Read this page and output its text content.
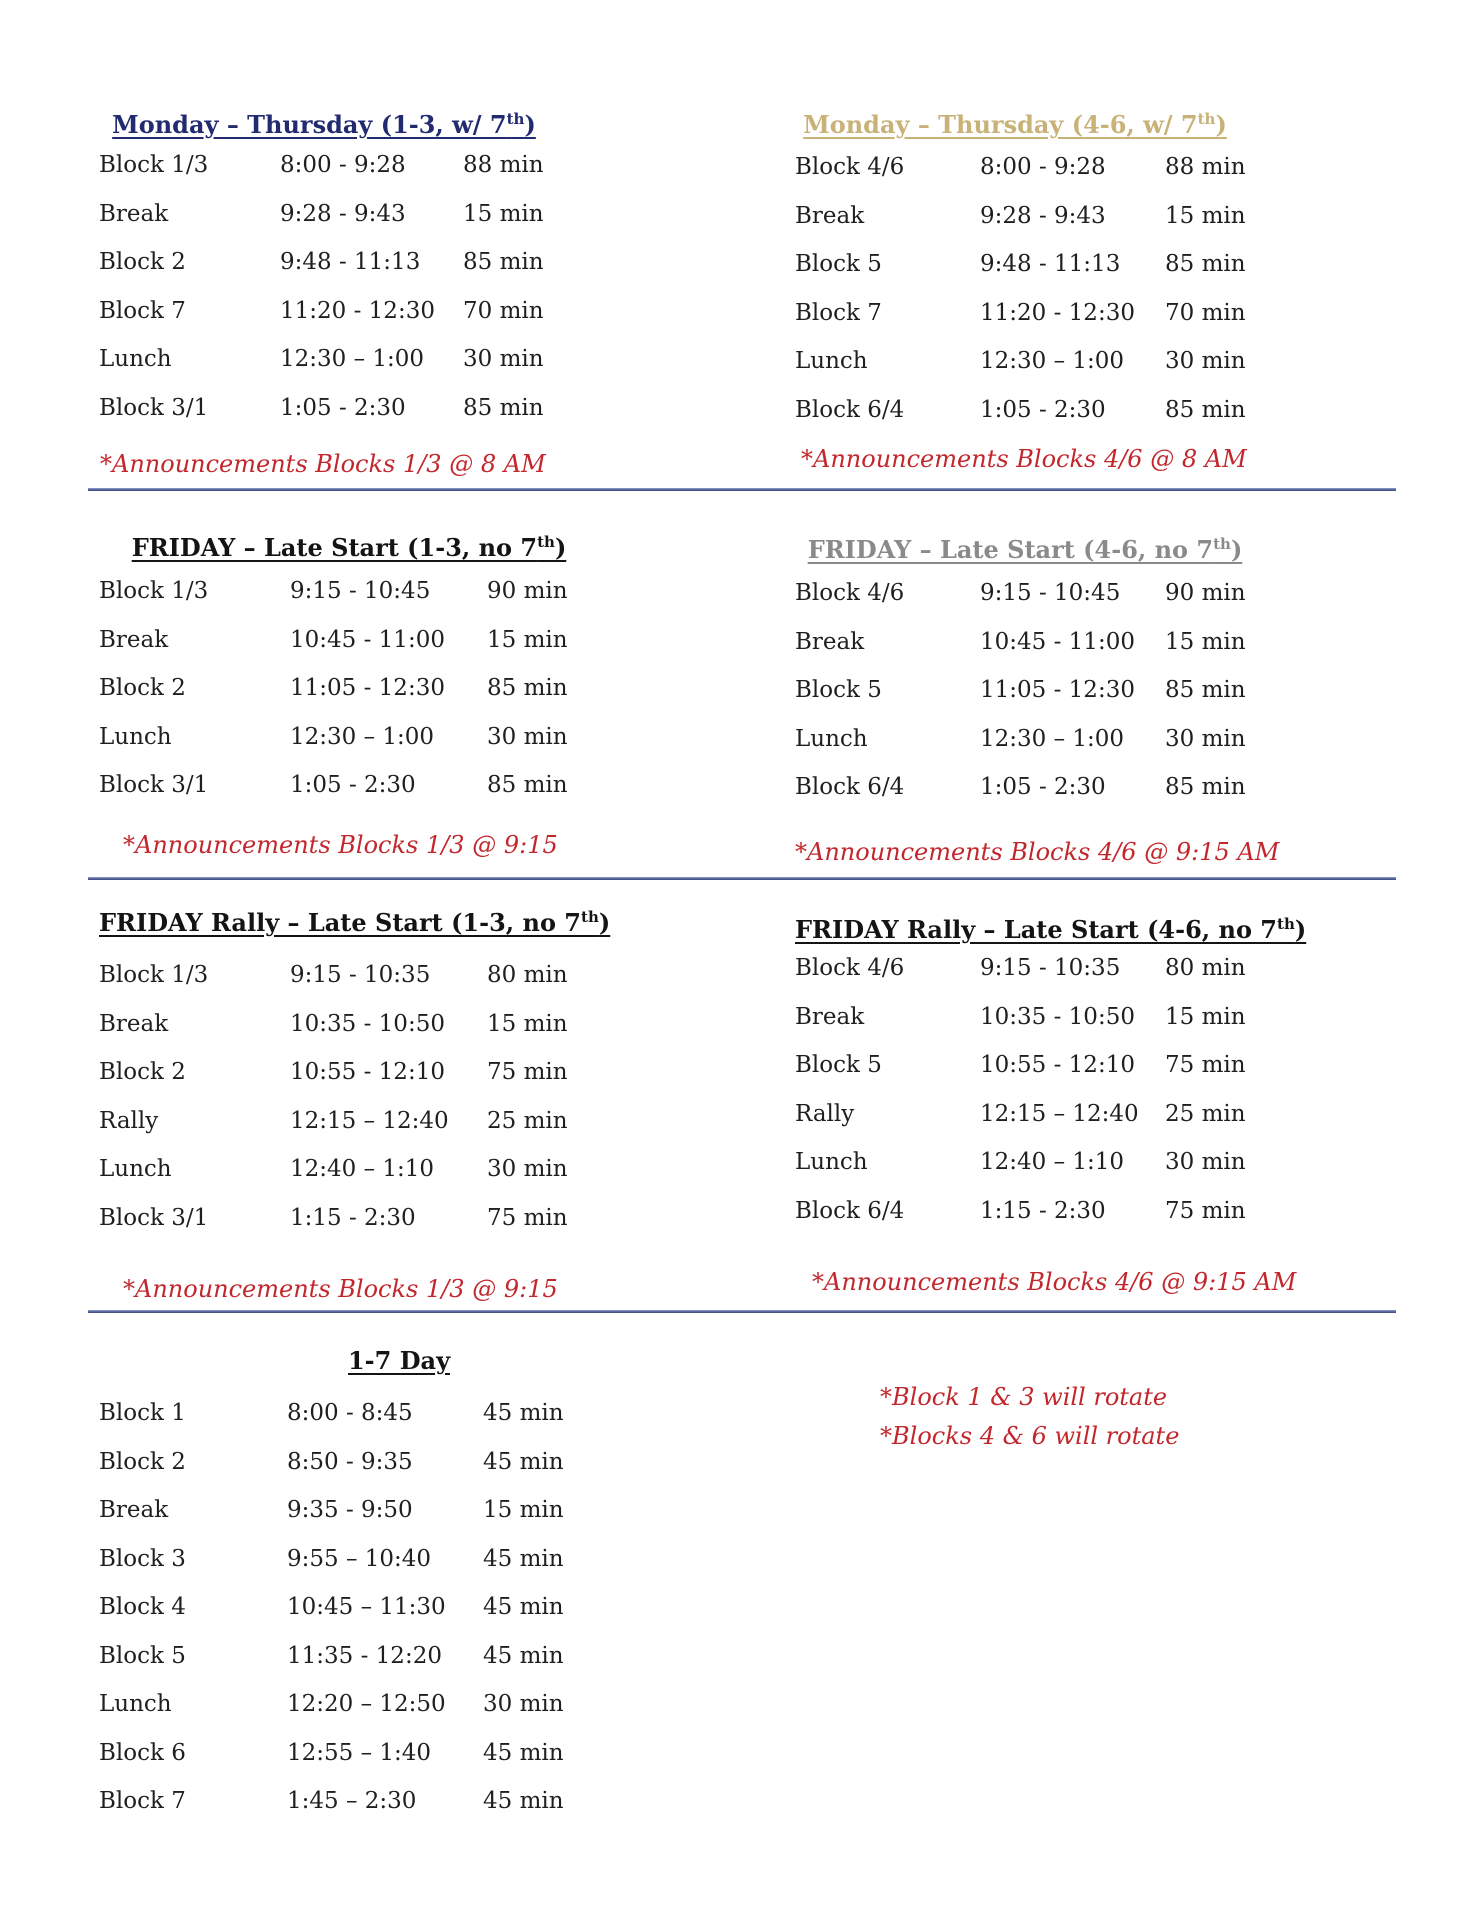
Monday – Thursday (1-3, w/ 7th)	Monday – Thursday (4-6, w/ 7th)
Block 1/3	8:00 - 9:28	88 min
Break	9:28 - 9:43	15 min
Block 2	9:48 - 11:13	85 min
Block 7	11:20 - 12:30	70 min
Lunch	12:30 – 1:00	30 min
Block 3/1	1:05 - 2:30	85 min
Block 4/6	8:00 - 9:28	88 min
Break	9:28 - 9:43	15 min
Block 5	9:48 - 11:13	85 min
Block 7	11:20 - 12:30	70 min
Lunch	12:30 – 1:00	30 min
Block 6/4	1:05 - 2:30	85 min
*Announcements Blocks 1/3 @ 8 AM	*Announcements Blocks 4/6 @ 8 AM
FRIDAY – Late Start (1-3, no 7th)	FRIDAY – Late Start (4-6, no 7th)
Block 1/3	9:15 - 10:45	90 min
Break	10:45 - 11:00	15 min
Block 2	11:05 - 12:30	85 min
Lunch	12:30 – 1:00	30 min
Block 3/1	1:05 - 2:30	85 min
Block 4/6	9:15 - 10:45	90 min
Break	10:45 - 11:00	15 min
Block 5	11:05 - 12:30	85 min
Lunch	12:30 – 1:00	30 min
Block 6/4	1:05 - 2:30	85 min
*Announcements Blocks 1/3 @ 9:15	*Announcements Blocks 4/6 @ 9:15 AM
FRIDAY Rally – Late Start (1-3, no 7th)	FRIDAY Rally – Late Start (4-6, no 7th)
Block 1/3	9:15 - 10:35	80 min
Break	10:35 - 10:50	15 min
Block 2	10:55 - 12:10	75 min
Rally	12:15 – 12:40	25 min
Lunch	12:40 – 1:10	30 min
Block 3/1	1:15 - 2:30	75 min
Block 4/6	9:15 - 10:35	80 min
Break	10:35 - 10:50	15 min
Block 5	10:55 - 12:10	75 min
Rally	12:15 – 12:40	25 min
Lunch	12:40 – 1:10	30 min
Block 6/4	1:15 - 2:30	75 min
*Announcements Blocks 1/3 @ 9:15	*Announcements Blocks 4/6 @ 9:15 AM
1-7 Day
Block 1	8:00 - 8:45	45 min
Block 2	8:50 - 9:35	45 min
Break	9:35 - 9:50	15 min
Block 3	9:55 – 10:40	45 min
Block 4	10:45 – 11:30	45 min
Block 5	11:35 - 12:20	45 min
Lunch	12:20 – 12:50	30 min
Block 6	12:55 – 1:40	45 min
Block 7	1:45 – 2:30	45 min
*Block 1 & 3 will rotate
*Blocks 4 & 6 will rotate
